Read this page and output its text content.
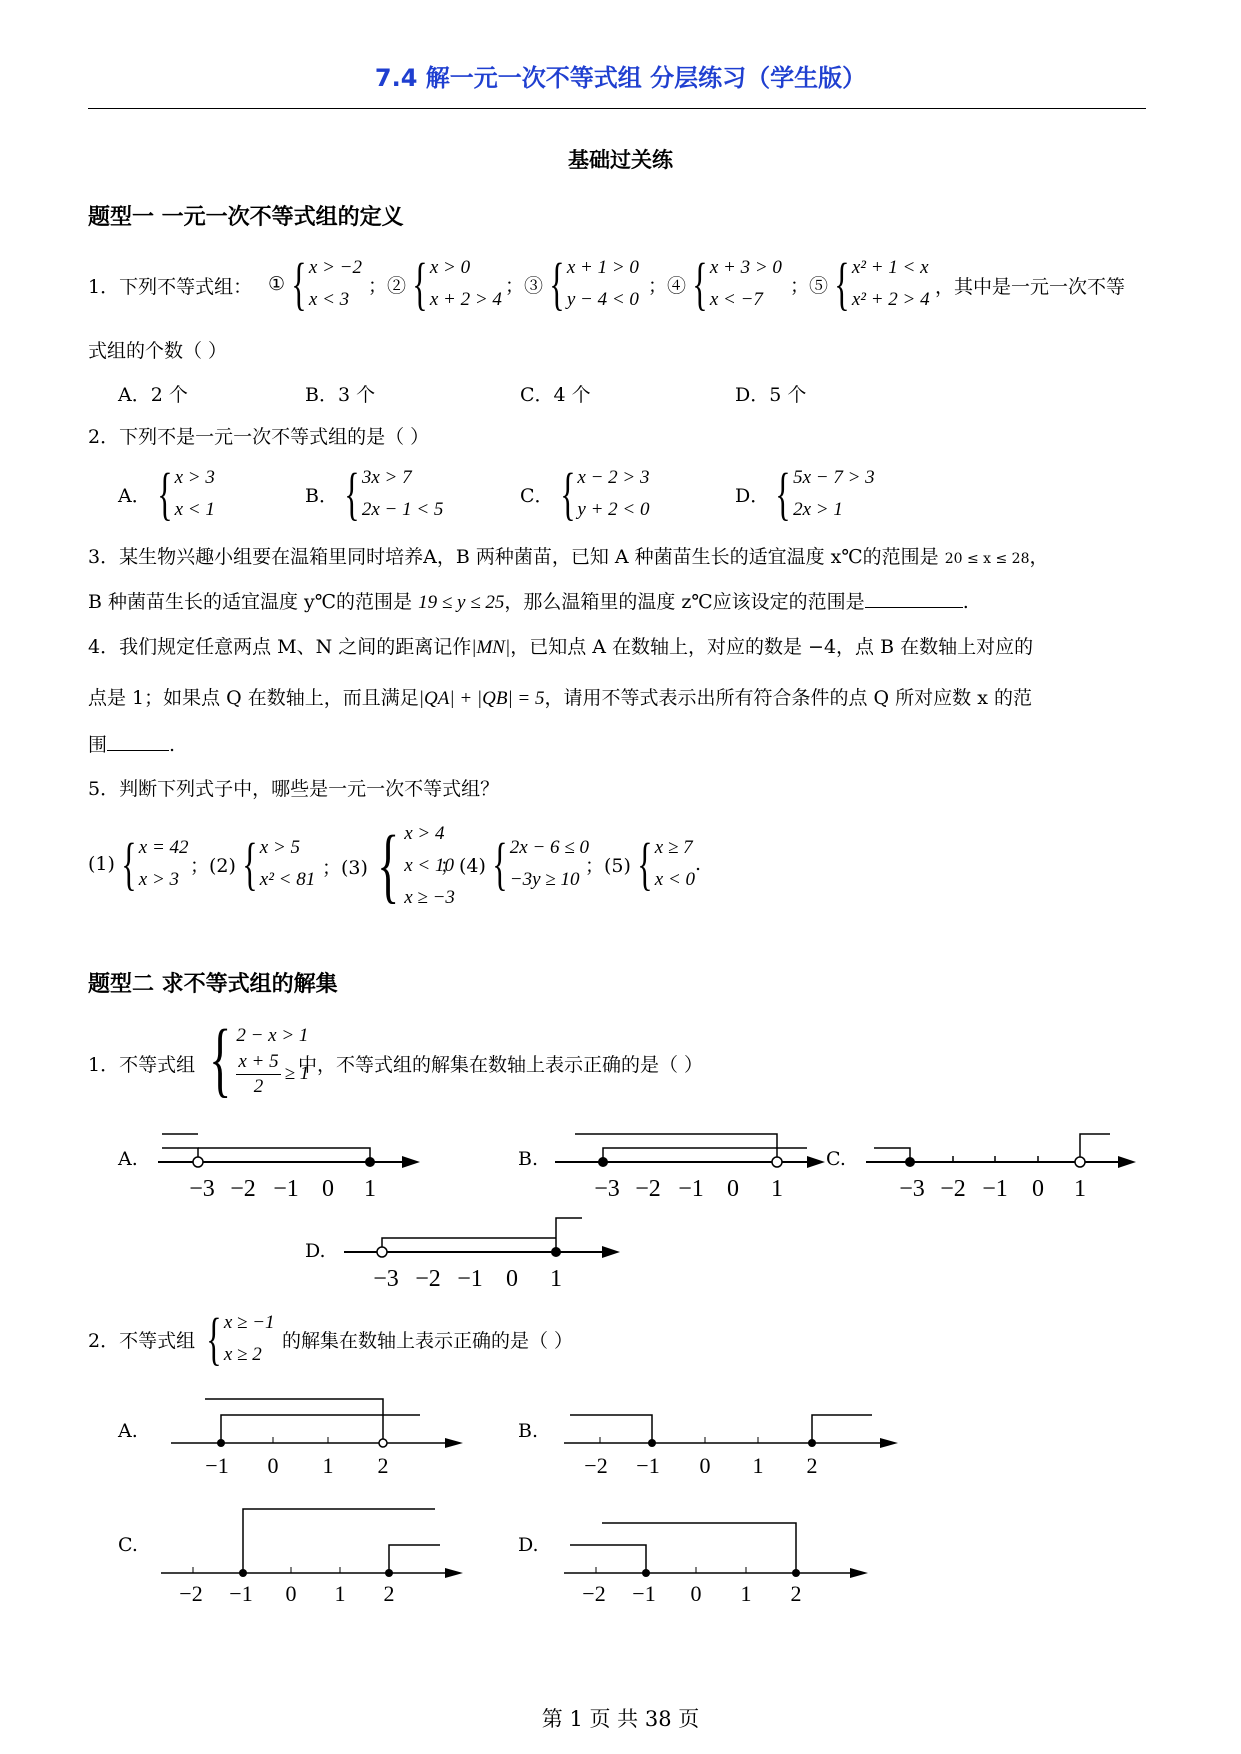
7.4 解一元一次不等式组 分层练习（学生版）
基础过关练
题型一 一元一次不等式组的定义
1．下列不等式组： ① { x > −2
x < 3
；② { x > 0
x + 2 > 4
；③ { x + 1 > 0
y − 4 < 0
；④ { x + 3 > 0
x < −7
；⑤ { x² + 1 < x
x² + 2 > 4
，其中是一元一次不等
式组的个数（ ）
A．2 个	B．3 个	C．4 个	D．5 个
2．下列不是一元一次不等式组的是（ ）
A． { x > 3
x < 1
B． { 3x > 7
2x − 1 < 5
C． { x − 2 > 3
y + 2 < 0
D． { 5x − 7 > 3
2x > 1
3．某生物兴趣小组要在温箱里同时培养A，B 两种菌苗，已知 A 种菌苗生长的适宜温度 x℃的范围是 20 ≤ x ≤ 28，
B 种菌苗生长的适宜温度 y℃的范围是 19 ≤ y ≤ 25，那么温箱里的温度 z℃应该设定的范围是	.
4．我们规定任意两点 M、N 之间的距离记作|MN|，已知点 A 在数轴上，对应的数是 −4，点 B 在数轴上对应的
点是 1；如果点 Q 在数轴上，而且满足|QA| + |QB| = 5，请用不等式表示出所有符合条件的点 Q 所对应数 x 的范
围	.
5．判断下列式子中，哪些是一元一次不等式组？
(1) { x = 42
x > 3
；(2) { x > 5
x² < 81
；(3) { x > 4
x < 10
x ≥ −3
；(4) { 2x − 6 ≤ 0
−3y ≥ 10
；(5) { x ≥ 7
x < 0
.
题型二 求不等式组的解集
1．不等式组 { 2 − x > 1
$\frac{x + 5}{2} \ge 1$
中，不等式组的解集在数轴上表示正确的是（ ）
A.	B.	C.
D.
−3 −2 −1 0 1	−3 −2 −1 0 1	−3 −2 −1 0 1
−3 −2 −1 0 1
2．不等式组 { x ≥ −1
x ≥ 2
的解集在数轴上表示正确的是（ ）
A.	B.
C.	D.
−1 0 1 2	−2 −1 0 1 2
−2 −1 0 1 2	−2 −1 0 1 2
第 1 页 共 38 页
